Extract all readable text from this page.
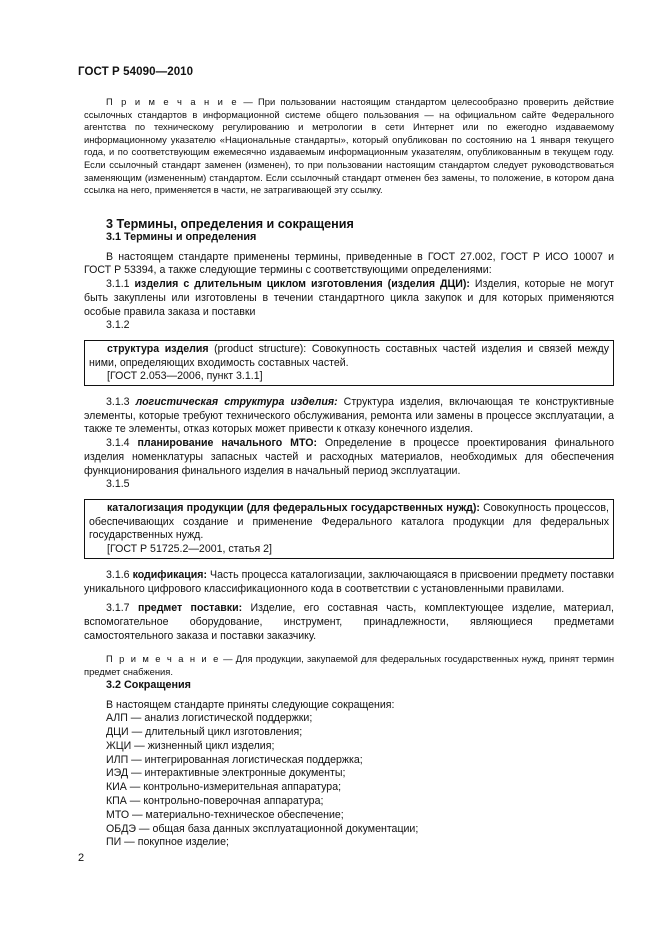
ГОСТ Р 54090—2010

П р и м е ч а н и е — При пользовании настоящим стандартом целесообразно проверить действие ссылочных стандартов в информационной системе общего пользования — на официальном сайте Федерального агентства по техническому регулированию и метрологии в сети Интернет или по ежегодно издаваемому информационному указателю «Национальные стандарты», который опубликован по состоянию на 1 января текущего года, и по соответствующим ежемесячно издаваемым информационным указателям, опубликованным в текущем году. Если ссылочный стандарт заменен (изменен), то при пользовании настоящим стандартом следует руководствоваться заменяющим (измененным) стандартом. Если ссылочный стандарт отменен без замены, то положение, в котором дана ссылка на него, применяется в части, не затрагивающей эту ссылку.

3 Термины, определения и сокращения
3.1 Термины и определения

В настоящем стандарте применены термины, приведенные в ГОСТ 27.002, ГОСТ Р ИСО 10007 и ГОСТ Р 53394, а также следующие термины с соответствующими определениями:

3.1.1 изделия с длительным циклом изготовления (изделия ДЦИ): Изделия, которые не могут быть закуплены или изготовлены в течении стандартного цикла закупок и для которых применяются особые правила заказа и поставки

3.1.2

структура изделия (product structure): Совокупность составных частей изделия и связей между ними, определяющих входимость составных частей.

[ГОСТ 2.053—2006, пункт 3.1.1]

3.1.3 логистическая структура изделия: Структура изделия, включающая те конструктивные элементы, которые требуют технического обслуживания, ремонта или замены в процессе эксплуатации, а также те элементы, отказ которых может привести к отказу конечного изделия.

3.1.4 планирование начального МТО: Определение в процессе проектирования финального изделия номенклатуры запасных частей и расходных материалов, необходимых для обеспечения функционирования финального изделия в начальный период эксплуатации.

3.1.5

каталогизация продукции (для федеральных государственных нужд): Совокупность процессов, обеспечивающих создание и применение Федерального каталога продукции для федеральных государственных нужд.

[ГОСТ Р 51725.2—2001, статья 2]

3.1.6 кодификация: Часть процесса каталогизации, заключающаяся в присвоении предмету поставки уникального цифрового классификационного кода в соответствии с установленными правилами.

3.1.7 предмет поставки: Изделие, его составная часть, комплектующее изделие, материал, вспомогательное оборудование, инструмент, принадлежности, являющиеся предметами самостоятельного заказа и поставки заказчику.

П р и м е ч а н и е — Для продукции, закупаемой для федеральных государственных нужд, принят термин предмет снабжения.

3.2 Сокращения

В настоящем стандарте приняты следующие сокращения:

АЛП — анализ логистической поддержки;
ДЦИ — длительный цикл изготовления;
ЖЦИ — жизненный цикл изделия;
ИЛП — интегрированная логистическая поддержка;
ИЭД — интерактивные электронные документы;
КИА — контрольно-измерительная аппаратура;
КПА — контрольно-поверочная аппаратура;
МТО — материально-техническое обеспечение;
ОБДЭ — общая база данных эксплуатационной документации;
ПИ — покупное изделие;
2
